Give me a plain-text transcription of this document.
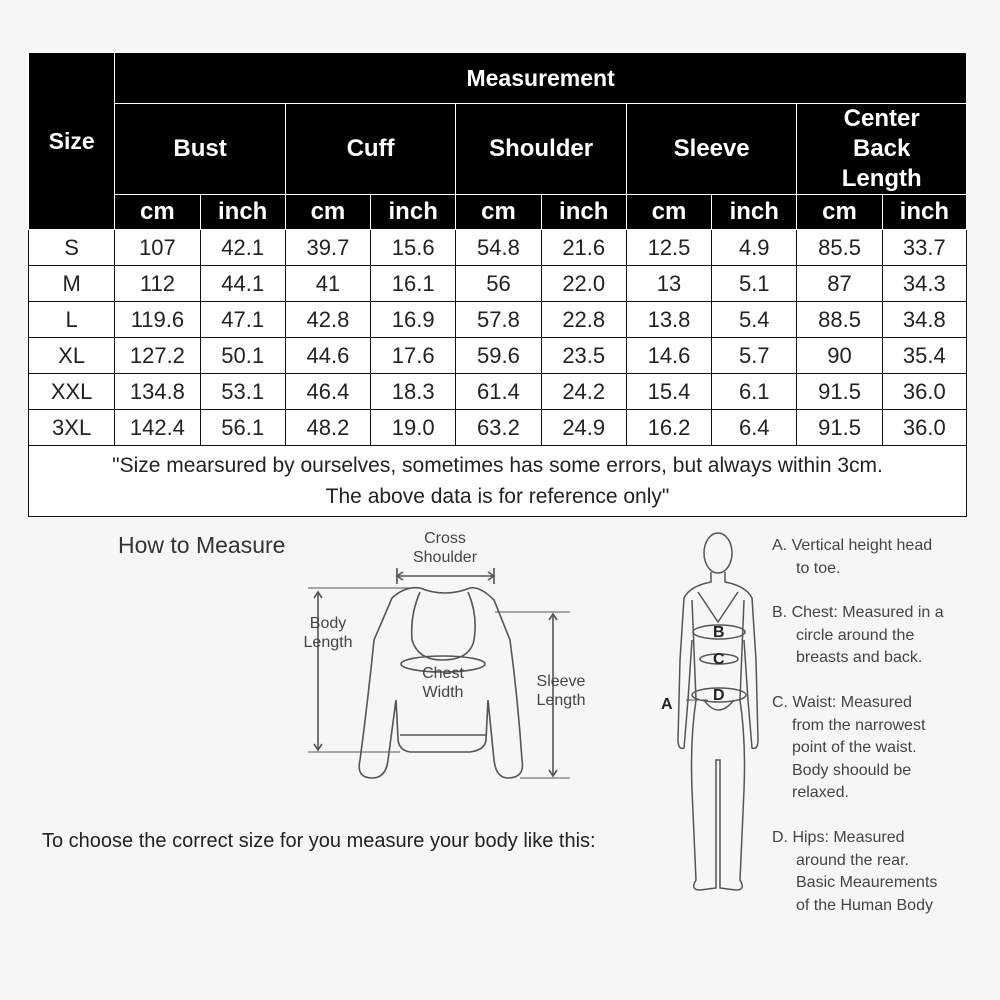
Size	Measurement									
	Bust		Cuff		Shoulder		Sleeve		Center Back Length	
	cm	inch	cm	inch	cm	inch	cm	inch	cm	inch
S	107	42.1	39.7	15.6	54.8	21.6	12.5	4.9	85.5	33.7
M	112	44.1	41	16.1	56	22.0	13	5.1	87	34.3
L	119.6	47.1	42.8	16.9	57.8	22.8	13.8	5.4	88.5	34.8
XL	127.2	50.1	44.6	17.6	59.6	23.5	14.6	5.7	90	35.4
XXL	134.8	53.1	46.4	18.3	61.4	24.2	15.4	6.1	91.5	36.0
3XL	142.4	56.1	48.2	19.0	63.2	24.9	16.2	6.4	91.5	36.0

"Size mearsured by ourselves, sometimes has some errors, but always within 3cm.
The above data is for reference only"										
How to Measure
A
B
C
D
Cross
Shoulder
Body
Length
Chest
Width
Sleeve
Length
To choose the correct size for you measure your body like this:
A. Vertical height head
to toe.
B. Chest: Measured in a
circle around the
breasts and back.
C. Waist: Measured
from the narrowest
point of the waist.
Body shoould be
relaxed.
D. Hips: Measured
around the rear.
Basic Meaurements
of the Human Body
